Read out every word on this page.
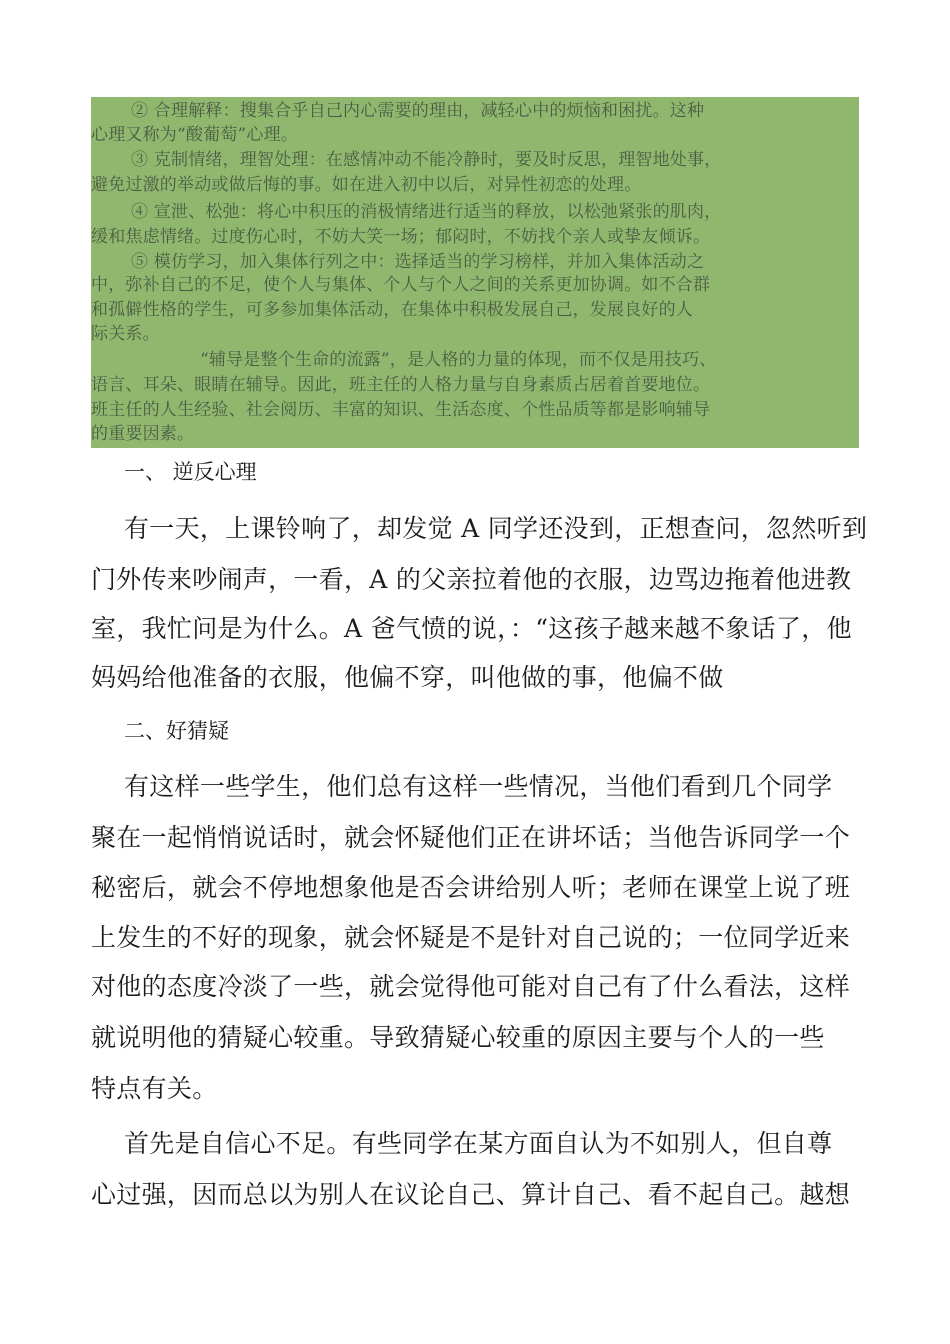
② 合理解释：搜集合乎自己内心需要的理由，减轻心中的烦恼和困扰。这种
心理又称为“酸葡萄”心理。
③ 克制情绪，理智处理：在感情冲动不能冷静时，要及时反思，理智地处事，
避免过激的举动或做后悔的事。如在进入初中以后，对异性初恋的处理。
④ 宣泄、松弛：将心中积压的消极情绪进行适当的释放，以松弛紧张的肌肉，
缓和焦虑情绪。过度伤心时，不妨大笑一场；郁闷时，不妨找个亲人或挚友倾诉。
⑤ 模仿学习，加入集体行列之中：选择适当的学习榜样，并加入集体活动之
中，弥补自己的不足，使个人与集体、个人与个人之间的关系更加协调。如不合群
和孤僻性格的学生，可多参加集体活动，在集体中积极发展自己，发展良好的人
际关系。
“辅导是整个生命的流露”，是人格的力量的体现，而不仅是用技巧、
语言、耳朵、眼睛在辅导。因此，班主任的人格力量与自身素质占居着首要地位。
班主任的人生经验、社会阅历、丰富的知识、生活态度、个性品质等都是影响辅导
的重要因素。
一、 逆反心理
有一天，上课铃响了，却发觉 A 同学还没到，正想查问，忽然听到
门外传来吵闹声，一看，A 的父亲拉着他的衣服，边骂边拖着他进教
室，我忙问是为什么。A 爸气愤的说，：“这孩子越来越不象话了，他
妈妈给他准备的衣服，他偏不穿，叫他做的事，他偏不做
二、好猜疑
有这样一些学生，他们总有这样一些情况，当他们看到几个同学
聚在一起悄悄说话时，就会怀疑他们正在讲坏话；当他告诉同学一个
秘密后，就会不停地想象他是否会讲给别人听；老师在课堂上说了班
上发生的不好的现象，就会怀疑是不是针对自己说的；一位同学近来
对他的态度冷淡了一些，就会觉得他可能对自己有了什么看法，这样
就说明他的猜疑心较重。导致猜疑心较重的原因主要与个人的一些
特点有关。
首先是自信心不足。有些同学在某方面自认为不如别人，但自尊
心过强，因而总以为别人在议论自己、算计自己、看不起自己。越想
